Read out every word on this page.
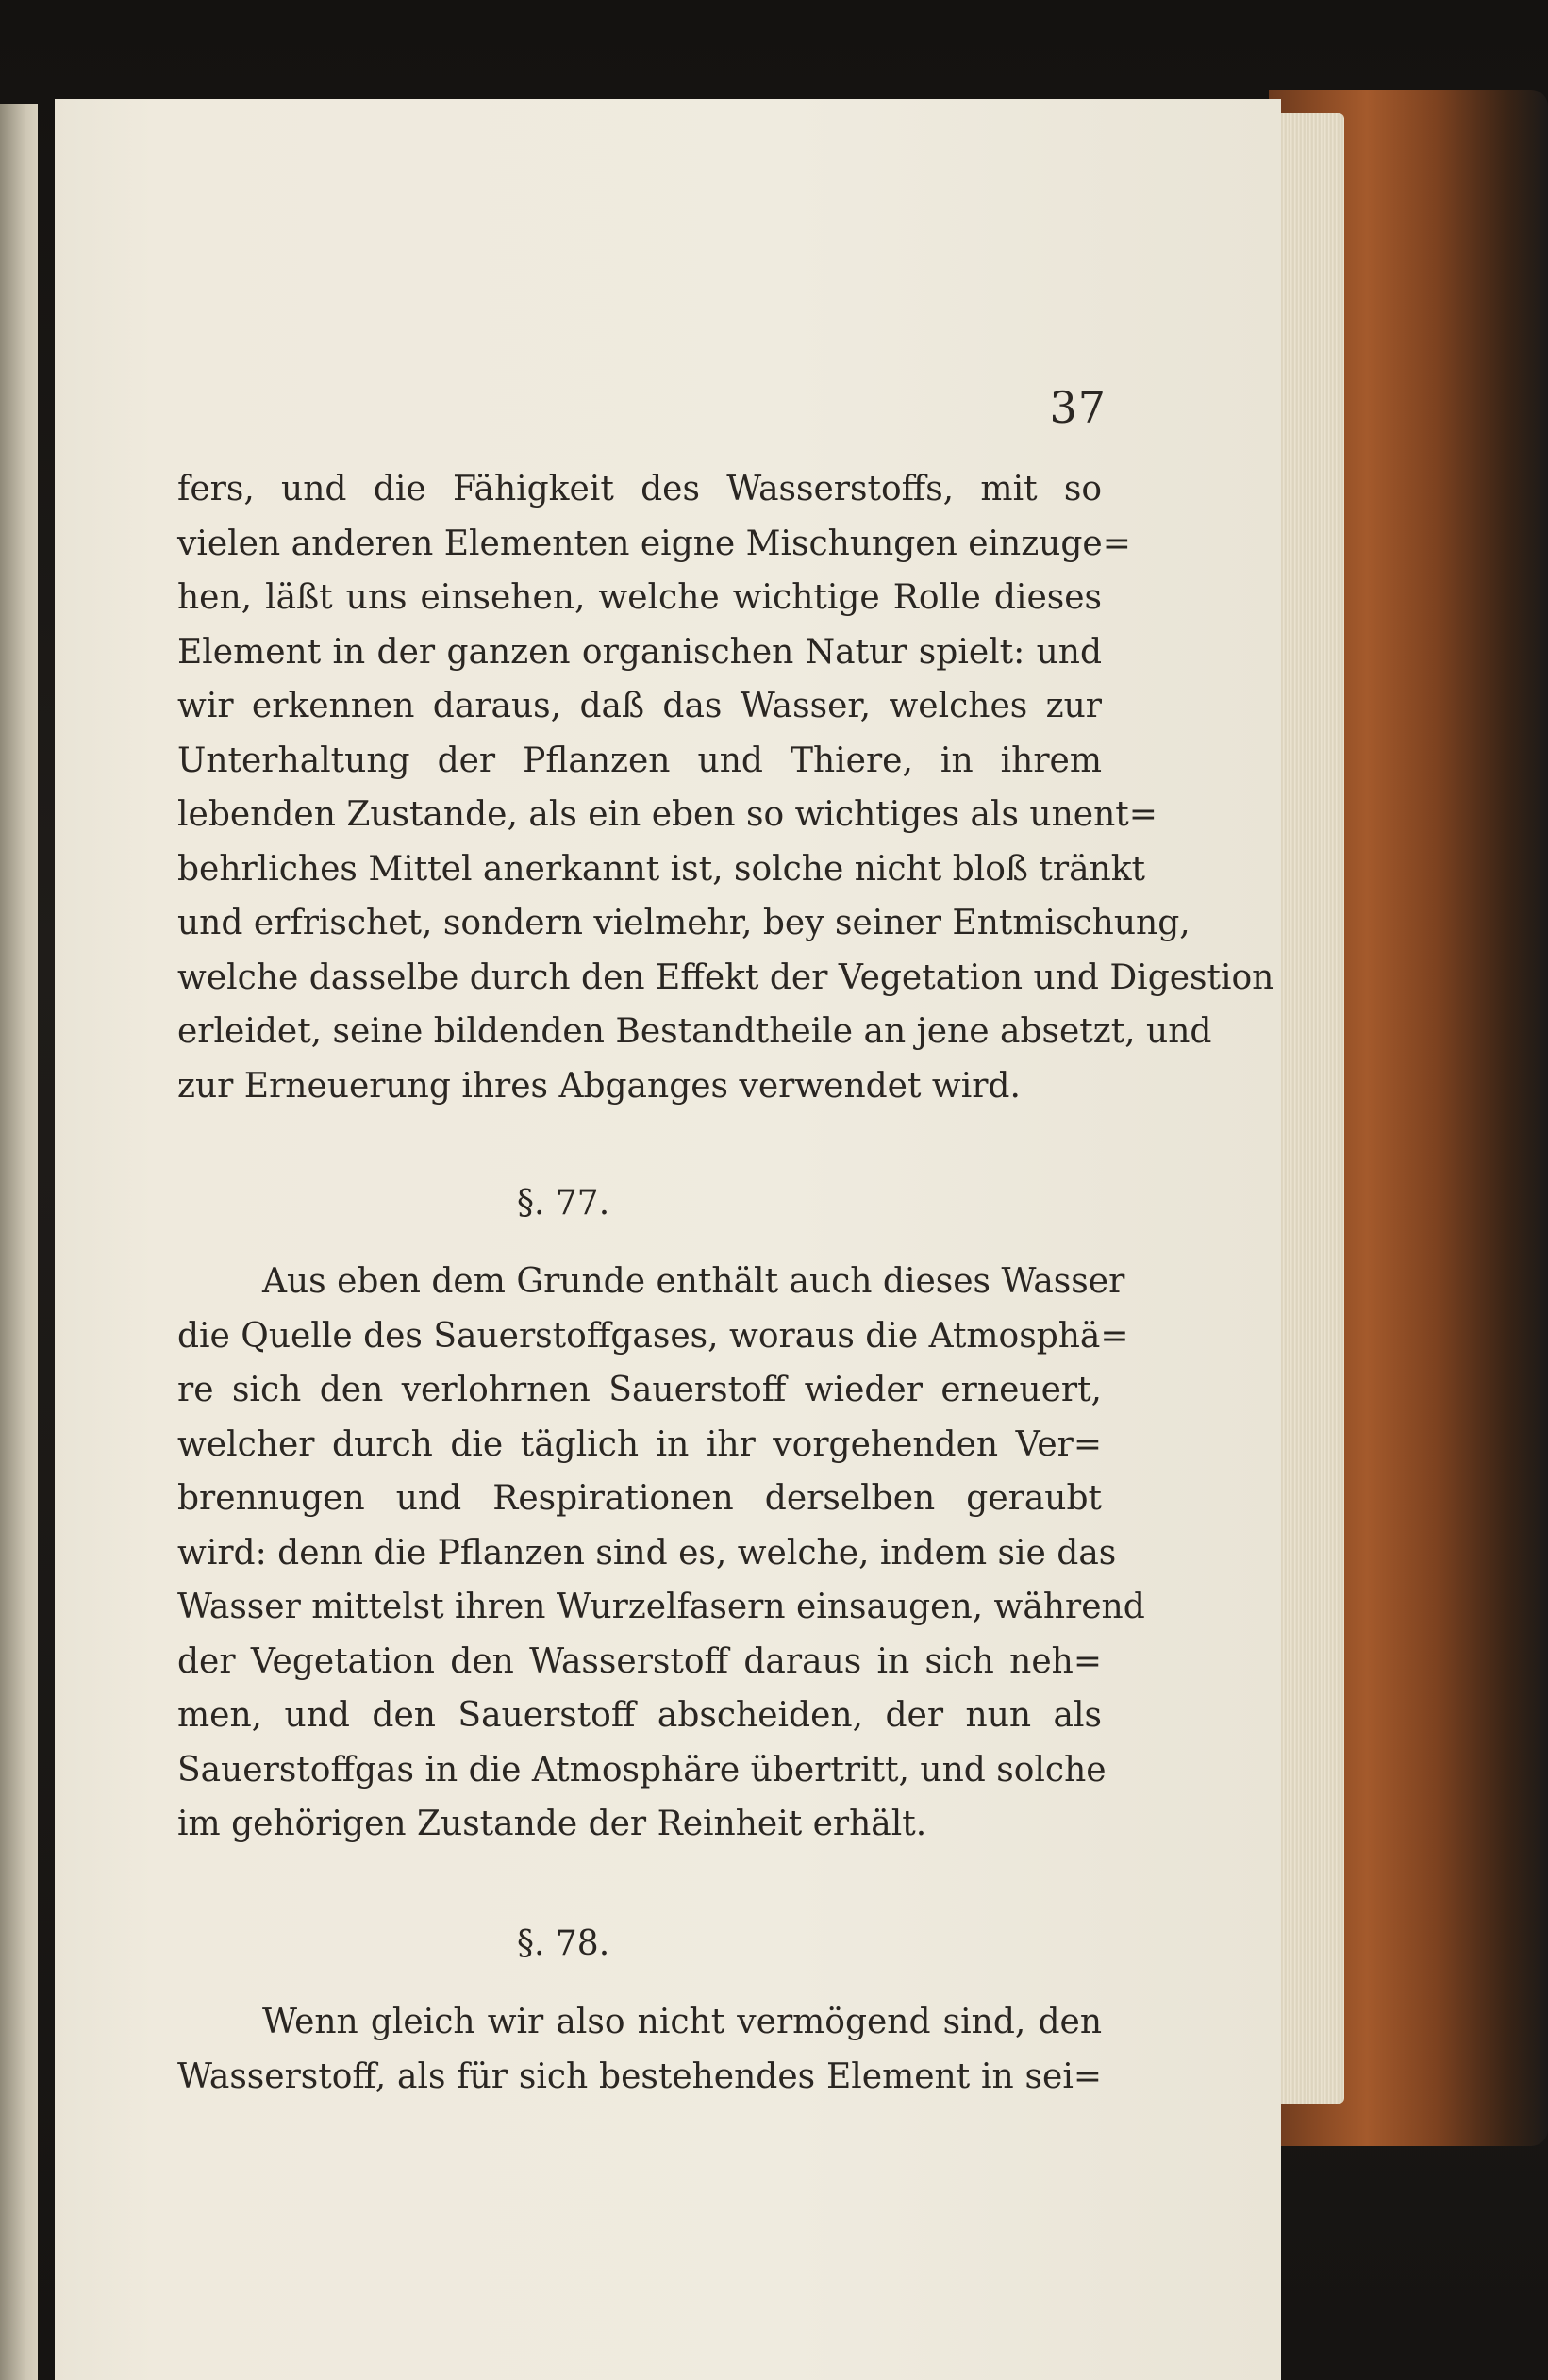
37
fers, und die Fähigkeit des Wasserstoffs, mit so
vielen anderen Elementen eigne Mischungen einzuge=
hen, läßt uns einsehen, welche wichtige Rolle dieses
Element in der ganzen organischen Natur spielt: und
wir erkennen daraus, daß das Wasser, welches zur
Unterhaltung der Pflanzen und Thiere, in ihrem
lebenden Zustande, als ein eben so wichtiges als unent=
behrliches Mittel anerkannt ist, solche nicht bloß tränkt
und erfrischet, sondern vielmehr, bey seiner Entmischung,
welche dasselbe durch den Effekt der Vegetation und Digestion
erleidet, seine bildenden Bestandtheile an jene absetzt, und
zur Erneuerung ihres Abganges verwendet wird.
§. 77.
Aus eben dem Grunde enthält auch dieses Wasser
die Quelle des Sauerstoffgases, woraus die Atmosphä=
re sich den verlohrnen Sauerstoff wieder erneuert,
welcher durch die täglich in ihr vorgehenden Ver=
brennugen und Respirationen derselben geraubt
wird: denn die Pflanzen sind es, welche, indem sie das
Wasser mittelst ihren Wurzelfasern einsaugen, während
der Vegetation den Wasserstoff daraus in sich neh=
men, und den Sauerstoff abscheiden, der nun als
Sauerstoffgas in die Atmosphäre übertritt, und solche
im gehörigen Zustande der Reinheit erhält.
§. 78.
Wenn gleich wir also nicht vermögend sind, den
Wasserstoff, als für sich bestehendes Element in sei=
